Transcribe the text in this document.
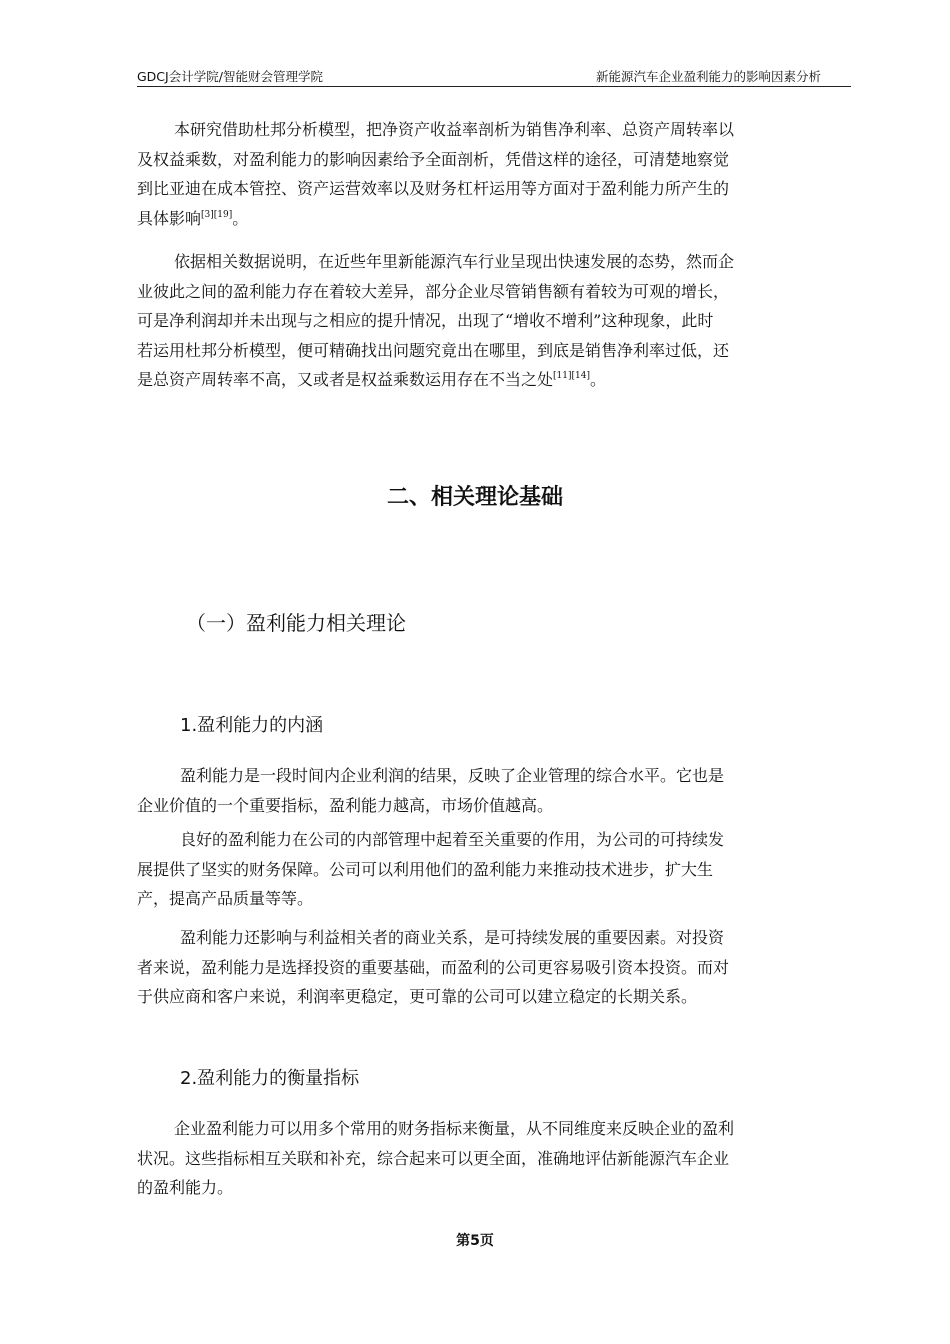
GDCJ会计学院/智能财会管理学院	新能源汽车企业盈利能力的影响因素分析

本研究借助杜邦分析模型，把净资产收益率剖析为销售净利率、总资产周转率以
及权益乘数，对盈利能力的影响因素给予全面剖析，凭借这样的途径，可清楚地察觉
到比亚迪在成本管控、资产运营效率以及财务杠杆运用等方面对于盈利能力所产生的
具体影响[3][19]。

依据相关数据说明，在近些年里新能源汽车行业呈现出快速发展的态势，然而企
业彼此之间的盈利能力存在着较大差异，部分企业尽管销售额有着较为可观的增长，
可是净利润却并未出现与之相应的提升情况，出现了“增收不增利”这种现象，此时
若运用杜邦分析模型，便可精确找出问题究竟出在哪里，到底是销售净利率过低，还
是总资产周转率不高，又或者是权益乘数运用存在不当之处[11][14]。

二、相关理论基础
（一）盈利能力相关理论
1.盈利能力的内涵

盈利能力是一段时间内企业利润的结果，反映了企业管理的综合水平。它也是
企业价值的一个重要指标，盈利能力越高，市场价值越高。

良好的盈利能力在公司的内部管理中起着至关重要的作用，为公司的可持续发
展提供了坚实的财务保障。公司可以利用他们的盈利能力来推动技术进步，扩大生
产，提高产品质量等等。

盈利能力还影响与利益相关者的商业关系，是可持续发展的重要因素。对投资
者来说，盈利能力是选择投资的重要基础，而盈利的公司更容易吸引资本投资。而对
于供应商和客户来说，利润率更稳定，更可靠的公司可以建立稳定的长期关系。

2.盈利能力的衡量指标

企业盈利能力可以用多个常用的财务指标来衡量，从不同维度来反映企业的盈利
状况。这些指标相互关联和补充，综合起来可以更全面，准确地评估新能源汽车企业
的盈利能力。

第5页
